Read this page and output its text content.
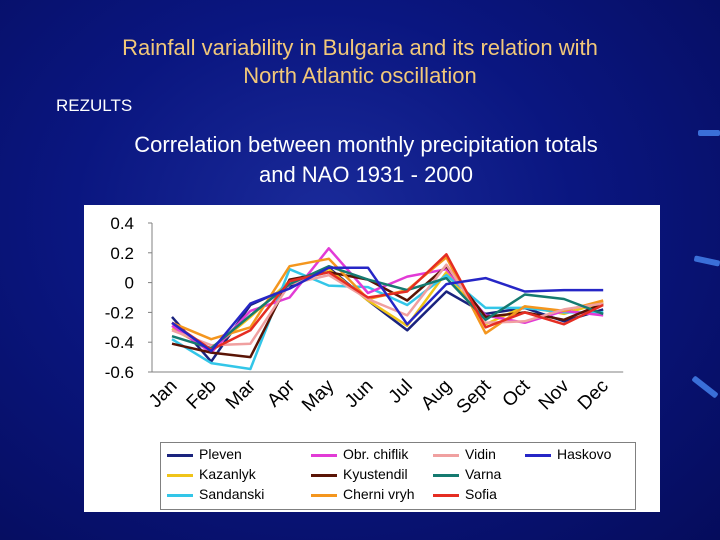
Rainfall variability in Bulgaria and its relation with
North Atlantic oscillation
REZULTS
Correlation between monthly precipitation totals
and NAO 1931 - 2000
0.4
0.2
0
-0.2
-0.4
-0.6
Jan Feb Mar Apr
May Jun Jul Aug
Sept Oct Nov Dec
Pleven
Kazanlyk
Sandanski
Obr. chiflik
Kyustendil
Cherni vryh
Vidin
Varna
Sofia
Haskovo
